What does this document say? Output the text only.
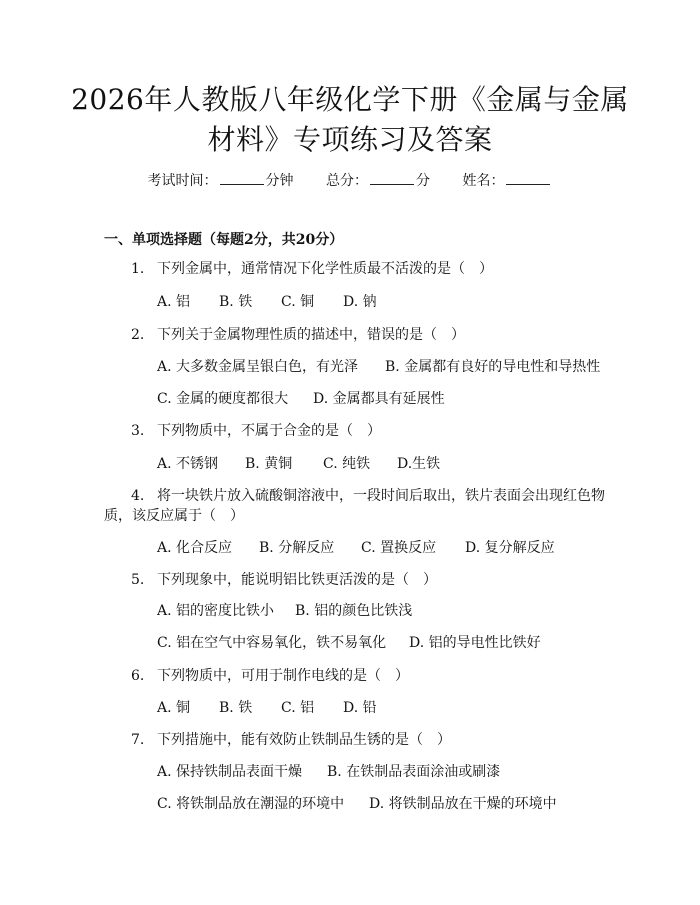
2026年人教版八年级化学下册《金属与金属
材料》专项练习及答案
考试时间：	分钟 总分：	分 姓名：
一、单项选择题（每题2分，共20分）
1. 下列金属中，通常情况下化学性质最不活泼的是（　）
A. 铝 B. 铁 C. 铜 D. 钠
2. 下列关于金属物理性质的描述中，错误的是（　）
A. 大多数金属呈银白色，有光泽 B. 金属都有良好的导电性和导热性
C. 金属的硬度都很大 D. 金属都具有延展性
3. 下列物质中，不属于合金的是（　）
A. 不锈钢 B. 黄铜 C. 纯铁 D.生铁
4. 将一块铁片放入硫酸铜溶液中，一段时间后取出，铁片表面会出现红色物
质，该反应属于（　）
A. 化合反应 B. 分解反应 C. 置换反应 D. 复分解反应
5. 下列现象中，能说明铝比铁更活泼的是（　）
A. 铝的密度比铁小 B. 铝的颜色比铁浅
C. 铝在空气中容易氧化，铁不易氧化 D. 铝的导电性比铁好
6. 下列物质中，可用于制作电线的是（　）
A. 铜 B. 铁 C. 铝 D. 铅
7. 下列措施中，能有效防止铁制品生锈的是（　）
A. 保持铁制品表面干燥 B. 在铁制品表面涂油或刷漆
C. 将铁制品放在潮湿的环境中 D. 将铁制品放在干燥的环境中
